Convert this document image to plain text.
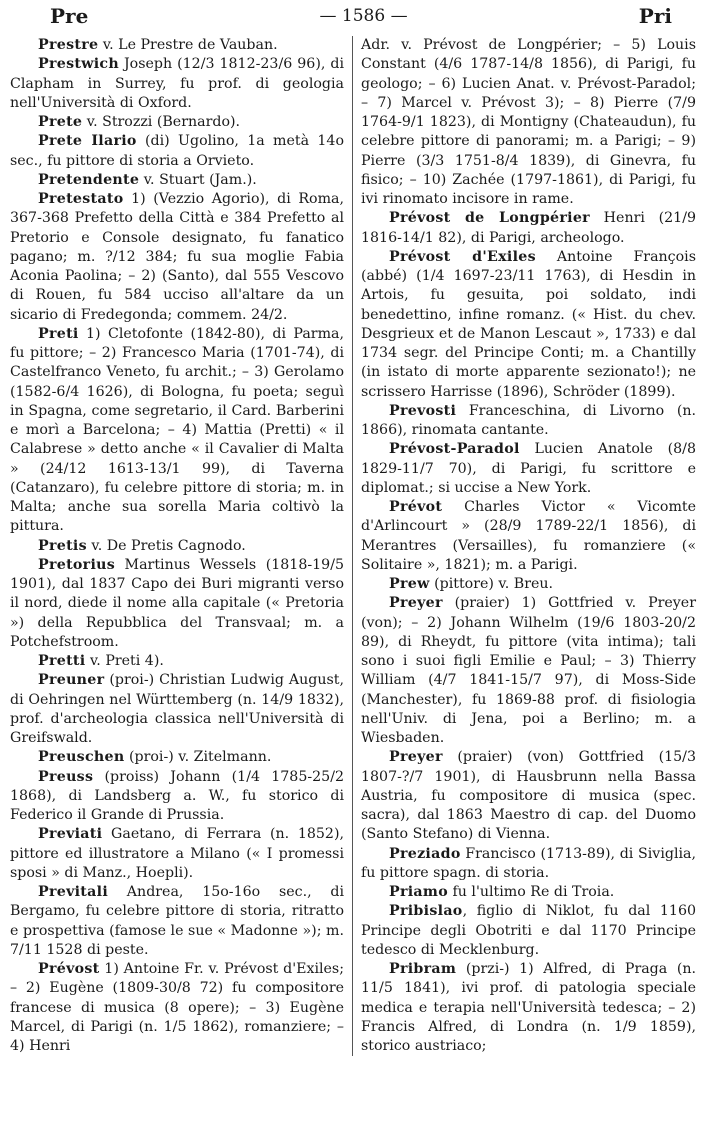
Pre	— 1586 —	Pri

Prestre v. Le Prestre de Vauban.

Prestwich Joseph (12/3 1812-23/6 96), di Clapham in Surrey, fu prof. di geologia nell'Università di Oxford.

Prete v. Strozzi (Bernardo).

Prete Ilario (di) Ugolino, 1a metà 14o sec., fu pittore di storia a Orvieto.

Pretendente v. Stuart (Jam.).

Pretestato 1) (Vezzio Agorio), di Roma, 367-368 Prefetto della Città e 384 Prefetto al Pretorio e Console designato, fu fanatico pagano; m. ?/12 384; fu sua moglie Fabia Aconia Paolina; – 2) (Santo), dal 555 Vescovo di Rouen, fu 584 ucciso all'altare da un sicario di Fredegonda; commem. 24/2.

Preti 1) Cletofonte (1842-80), di Parma, fu pittore; – 2) Francesco Maria (1701-74), di Castelfranco Veneto, fu archit.; – 3) Gerolamo (1582-6/4 1626), di Bologna, fu poeta; seguì in Spagna, come segretario, il Card. Barberini e morì a Barcelona; – 4) Mattia (Pretti) « il Calabrese » detto anche « il Cavalier di Malta » (24/12 1613-13/1 99), di Taverna (Catanzaro), fu celebre pittore di storia; m. in Malta; anche sua sorella Maria coltivò la pittura.

Pretis v. De Pretis Cagnodo.

Pretorius Martinus Wessels (1818-19/5 1901), dal 1837 Capo dei Buri migranti verso il nord, diede il nome alla capitale (« Pretoria ») della Repubblica del Transvaal; m. a Potchefstroom.

Pretti v. Preti 4).

Preuner (proi-) Christian Ludwig August, di Oehringen nel Württemberg (n. 14/9 1832), prof. d'archeologia classica nell'Università di Greifswald.

Preuschen (proi-) v. Zitelmann.

Preuss (proiss) Johann (1/4 1785-25/2 1868), di Landsberg a. W., fu storico di Federico il Grande di Prussia.

Previati Gaetano, di Ferrara (n. 1852), pittore ed illustratore a Milano (« I promessi sposi » di Manz., Hoepli).

Previtali Andrea, 15o-16o sec., di Bergamo, fu celebre pittore di storia, ritratto e prospettiva (famose le sue « Madonne »); m. 7/11 1528 di peste.

Prévost 1) Antoine Fr. v. Prévost d'Exiles; – 2) Eugène (1809-30/8 72) fu compositore francese di musica (8 opere); – 3) Eugène Marcel, di Parigi (n. 1/5 1862), romanziere; – 4) Henri

Adr. v. Prévost de Longpérier; – 5) Louis Constant (4/6 1787-14/8 1856), di Parigi, fu geologo; – 6) Lucien Anat. v. Prévost-Paradol; – 7) Marcel v. Prévost 3); – 8) Pierre (7/9 1764-9/1 1823), di Montigny (Chateaudun), fu celebre pittore di panorami; m. a Parigi; – 9) Pierre (3/3 1751-8/4 1839), di Ginevra, fu fisico; – 10) Zachée (1797-1861), di Parigi, fu ivi rinomato incisore in rame.

Prévost de Longpérier Henri (21/9 1816-14/1 82), di Parigi, archeologo.

Prévost d'Exiles Antoine François (abbé) (1/4 1697-23/11 1763), di Hesdin in Artois, fu gesuita, poi soldato, indi benedettino, infine romanz. (« Hist. du chev. Desgrieux et de Manon Lescaut », 1733) e dal 1734 segr. del Principe Conti; m. a Chantilly (in istato di morte apparente sezionato!); ne scrissero Harrisse (1896), Schröder (1899).

Prevosti Franceschina, di Livorno (n. 1866), rinomata cantante.

Prévost-Paradol Lucien Anatole (8/8 1829-11/7 70), di Parigi, fu scrittore e diplomat.; si uccise a New York.

Prévot Charles Victor « Vicomte d'Arlincourt » (28/9 1789-22/1 1856), di Merantres (Versailles), fu romanziere (« Solitaire », 1821); m. a Parigi.

Prew (pittore) v. Breu.

Preyer (praier) 1) Gottfried v. Preyer (von); – 2) Johann Wilhelm (19/6 1803-20/2 89), di Rheydt, fu pittore (vita intima); tali sono i suoi figli Emilie e Paul; – 3) Thierry William (4/7 1841-15/7 97), di Moss-Side (Manchester), fu 1869-88 prof. di fisiologia nell'Univ. di Jena, poi a Berlino; m. a Wiesbaden.

Preyer (praier) (von) Gottfried (15/3 1807-?/7 1901), di Hausbrunn nella Bassa Austria, fu compositore di musica (spec. sacra), dal 1863 Maestro di cap. del Duomo (Santo Stefano) di Vienna.

Preziado Francisco (1713-89), di Siviglia, fu pittore spagn. di storia.

Priamo fu l'ultimo Re di Troia.

Pribislao, figlio di Niklot, fu dal 1160 Principe degli Obotriti e dal 1170 Principe tedesco di Mecklenburg.

Pribram (przi-) 1) Alfred, di Praga (n. 11/5 1841), ivi prof. di patologia speciale medica e terapia nell'Università tedesca; – 2) Francis Alfred, di Londra (n. 1/9 1859), storico austriaco;
